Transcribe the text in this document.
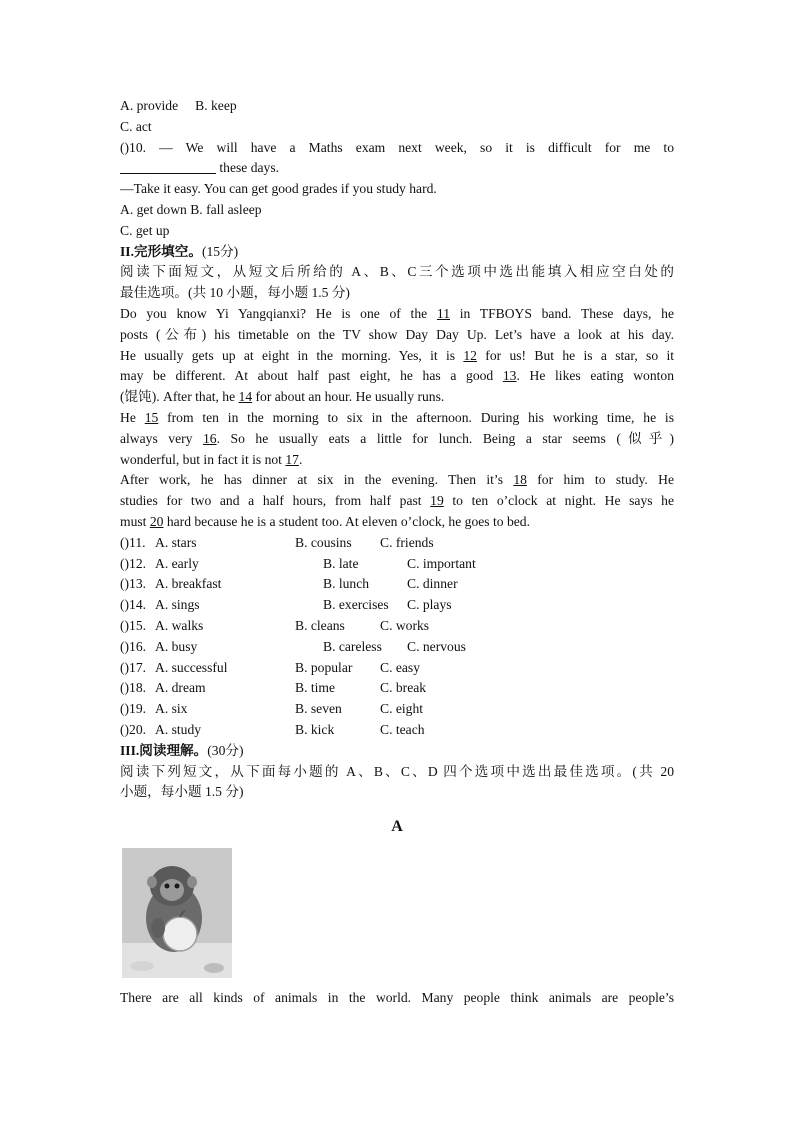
A. provide B. keep
C. act
()10. — We will have a Maths exam next week, so it is difficult for me to
these days.
—Take it easy. You can get good grades if you study hard.
A. get down B. fall asleep
C. get up
II.完形填空。(15分)
阅读下面短文，从短文后所给的 A、B、C三个选项中选出能填入相应空白处的
最佳选项。(共 10 小题，每小题 1.5 分)
Do you know Yi Yangqianxi? He is one of the 11 in TFBOYS band. These days, he
posts (公布) his timetable on the TV show Day Day Up. Let’s have a look at his day.
He usually gets up at eight in the morning. Yes, it is 12 for us! But he is a star, so it
may be different. At about half past eight, he has a good 13. He likes eating wonton
(馄饨). After that, he 14 for about an hour. He usually runs.
He 15 from ten in the morning to six in the afternoon. During his working time, he is
always very 16. So he usually eats a little for lunch. Being a star seems (似乎)
wonderful, but in fact it is not 17.
After work, he has dinner at six in the evening. Then it’s 18 for him to study. He
studies for two and a half hours, from half past 19 to ten o’clock at night. He says he
must 20 hard because he is a student too. At eleven o’clock, he goes to bed.
()11. A. stars	B. cousins	C. friends
()12. A. early	B. late	C. important
()13. A. breakfast	B. lunch	C. dinner
()14. A. sings	B. exercises	C. plays
()15. A. walks	B. cleans	C. works
()16. A. busy	B. careless	C. nervous
()17. A. successful	B. popular	C. easy
()18. A. dream	B. time	C. break
()19. A. six	B. seven	C. eight
()20. A. study	B. kick	C. teach
III.阅读理解。(30分)
阅读下列短文，从下面每小题的 A、B、C、D 四个选项中选出最佳选项。(共 20
小题，每小题 1.5 分)
A
There are all kinds of animals in the world. Many people think animals are people’s
